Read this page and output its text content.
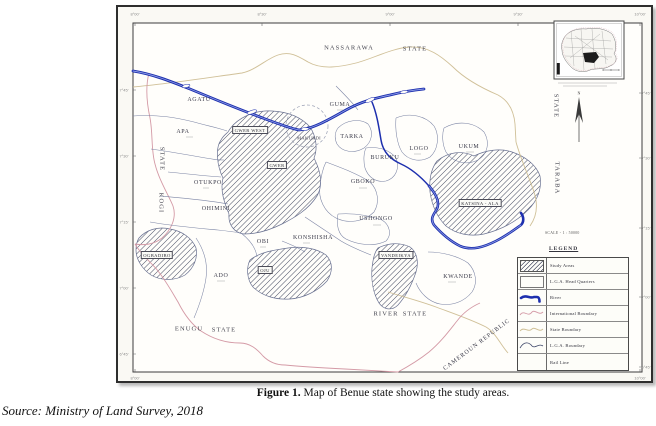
8°00'	8°30'	9°00'	9°30'	10°00'
7°45'
7°30'
7°15'
7°00'
6°45'
7°45'
7°30'
7°15'
7°00'
6°45'
8°00'	10°00'
NASSARAWA	STATE
STATE
TARABA
STATE
KOGI
ENUGU STATE
RIVER STATE
CAMEROUN REPUBLIC
AGATU
APA
OTUKPO
OHIMINI
ADO
OBI
KONSHISHA
GBOKO
USHONGO
KWANDE
TARKA
BURUKU
LOGO	UKUM
GUMA
MAKURDI
GWER WEST
GWER
KATSINA - ALA
VANDEIKYA
OGBADIBO
OJU
N
SCALE - 1 : 50000
LEGEND
Study Areas
L.G.A. Head Quarters
River
International Boundary
State Boundary
L.G.A. Boundary
Rail Line
Figure 1. Map of Benue state showing the study areas.
Source: Ministry of Land Survey, 2018
